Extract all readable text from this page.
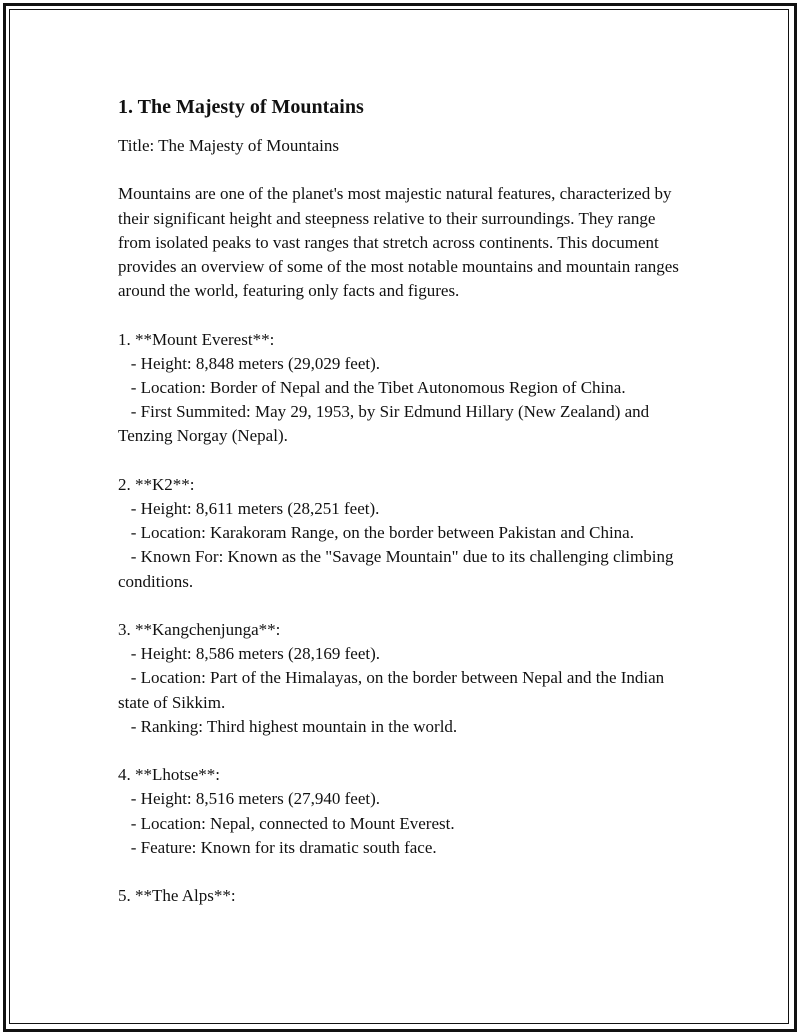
1. The Majesty of Mountains

Title: The Majesty of Mountains

Mountains are one of the planet's most majestic natural features, characterized by their significant height and steepness relative to their surroundings. They range from isolated peaks to vast ranges that stretch across continents. This document provides an overview of some of the most notable mountains and mountain ranges around the world, featuring only facts and figures.

1. **Mount Everest**:

- Height: 8,848 meters (29,029 feet).

- Location: Border of Nepal and the Tibet Autonomous Region of China.

- First Summited: May 29, 1953, by Sir Edmund Hillary (New Zealand) and Tenzing Norgay (Nepal).

2. **K2**:

- Height: 8,611 meters (28,251 feet).

- Location: Karakoram Range, on the border between Pakistan and China.

- Known For: Known as the "Savage Mountain" due to its challenging climbing conditions.

3. **Kangchenjunga**:

- Height: 8,586 meters (28,169 feet).

- Location: Part of the Himalayas, on the border between Nepal and the Indian state of Sikkim.

- Ranking: Third highest mountain in the world.

4. **Lhotse**:

- Height: 8,516 meters (27,940 feet).

- Location: Nepal, connected to Mount Everest.

- Feature: Known for its dramatic south face.

5. **The Alps**:
